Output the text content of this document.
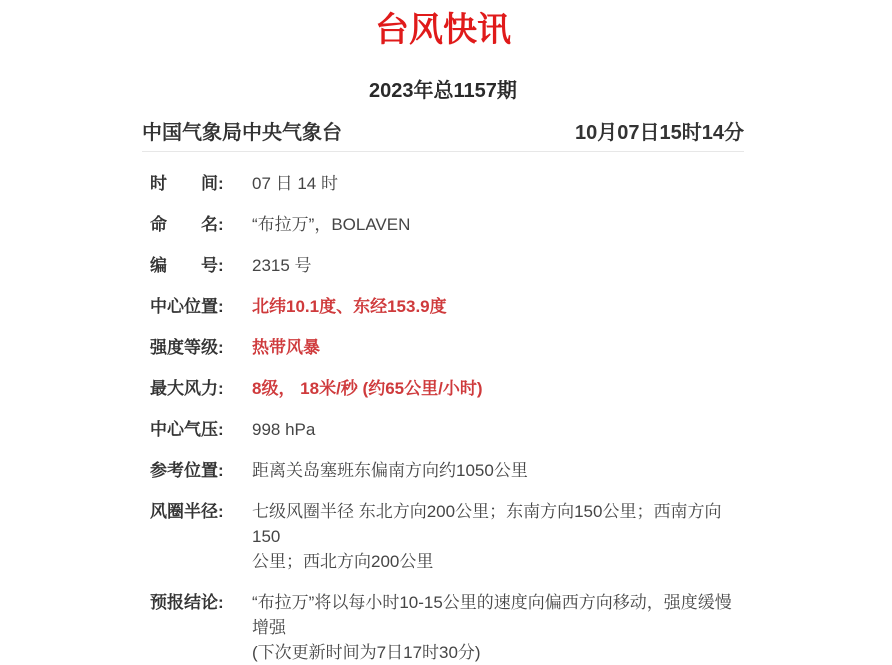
台风快讯
2023年总1157期
中国气象局中央气象台	10月07日15时14分
时间:	07 日 14 时
命名:	“布拉万”，BOLAVEN
编号:	2315 号
中心位置:	北纬10.1度、东经153.9度
强度等级:	热带风暴
最大风力:	8级， 18米/秒 (约65公里/小时)
中心气压:	998 hPa
参考位置:	距离关岛塞班东偏南方向约1050公里
风圈半径:	七级风圈半径 东北方向200公里；东南方向150公里；西南方向150
公里；西北方向200公里
预报结论:	“布拉万”将以每小时10-15公里的速度向偏西方向移动，强度缓慢
增强
(下次更新时间为7日17时30分)
